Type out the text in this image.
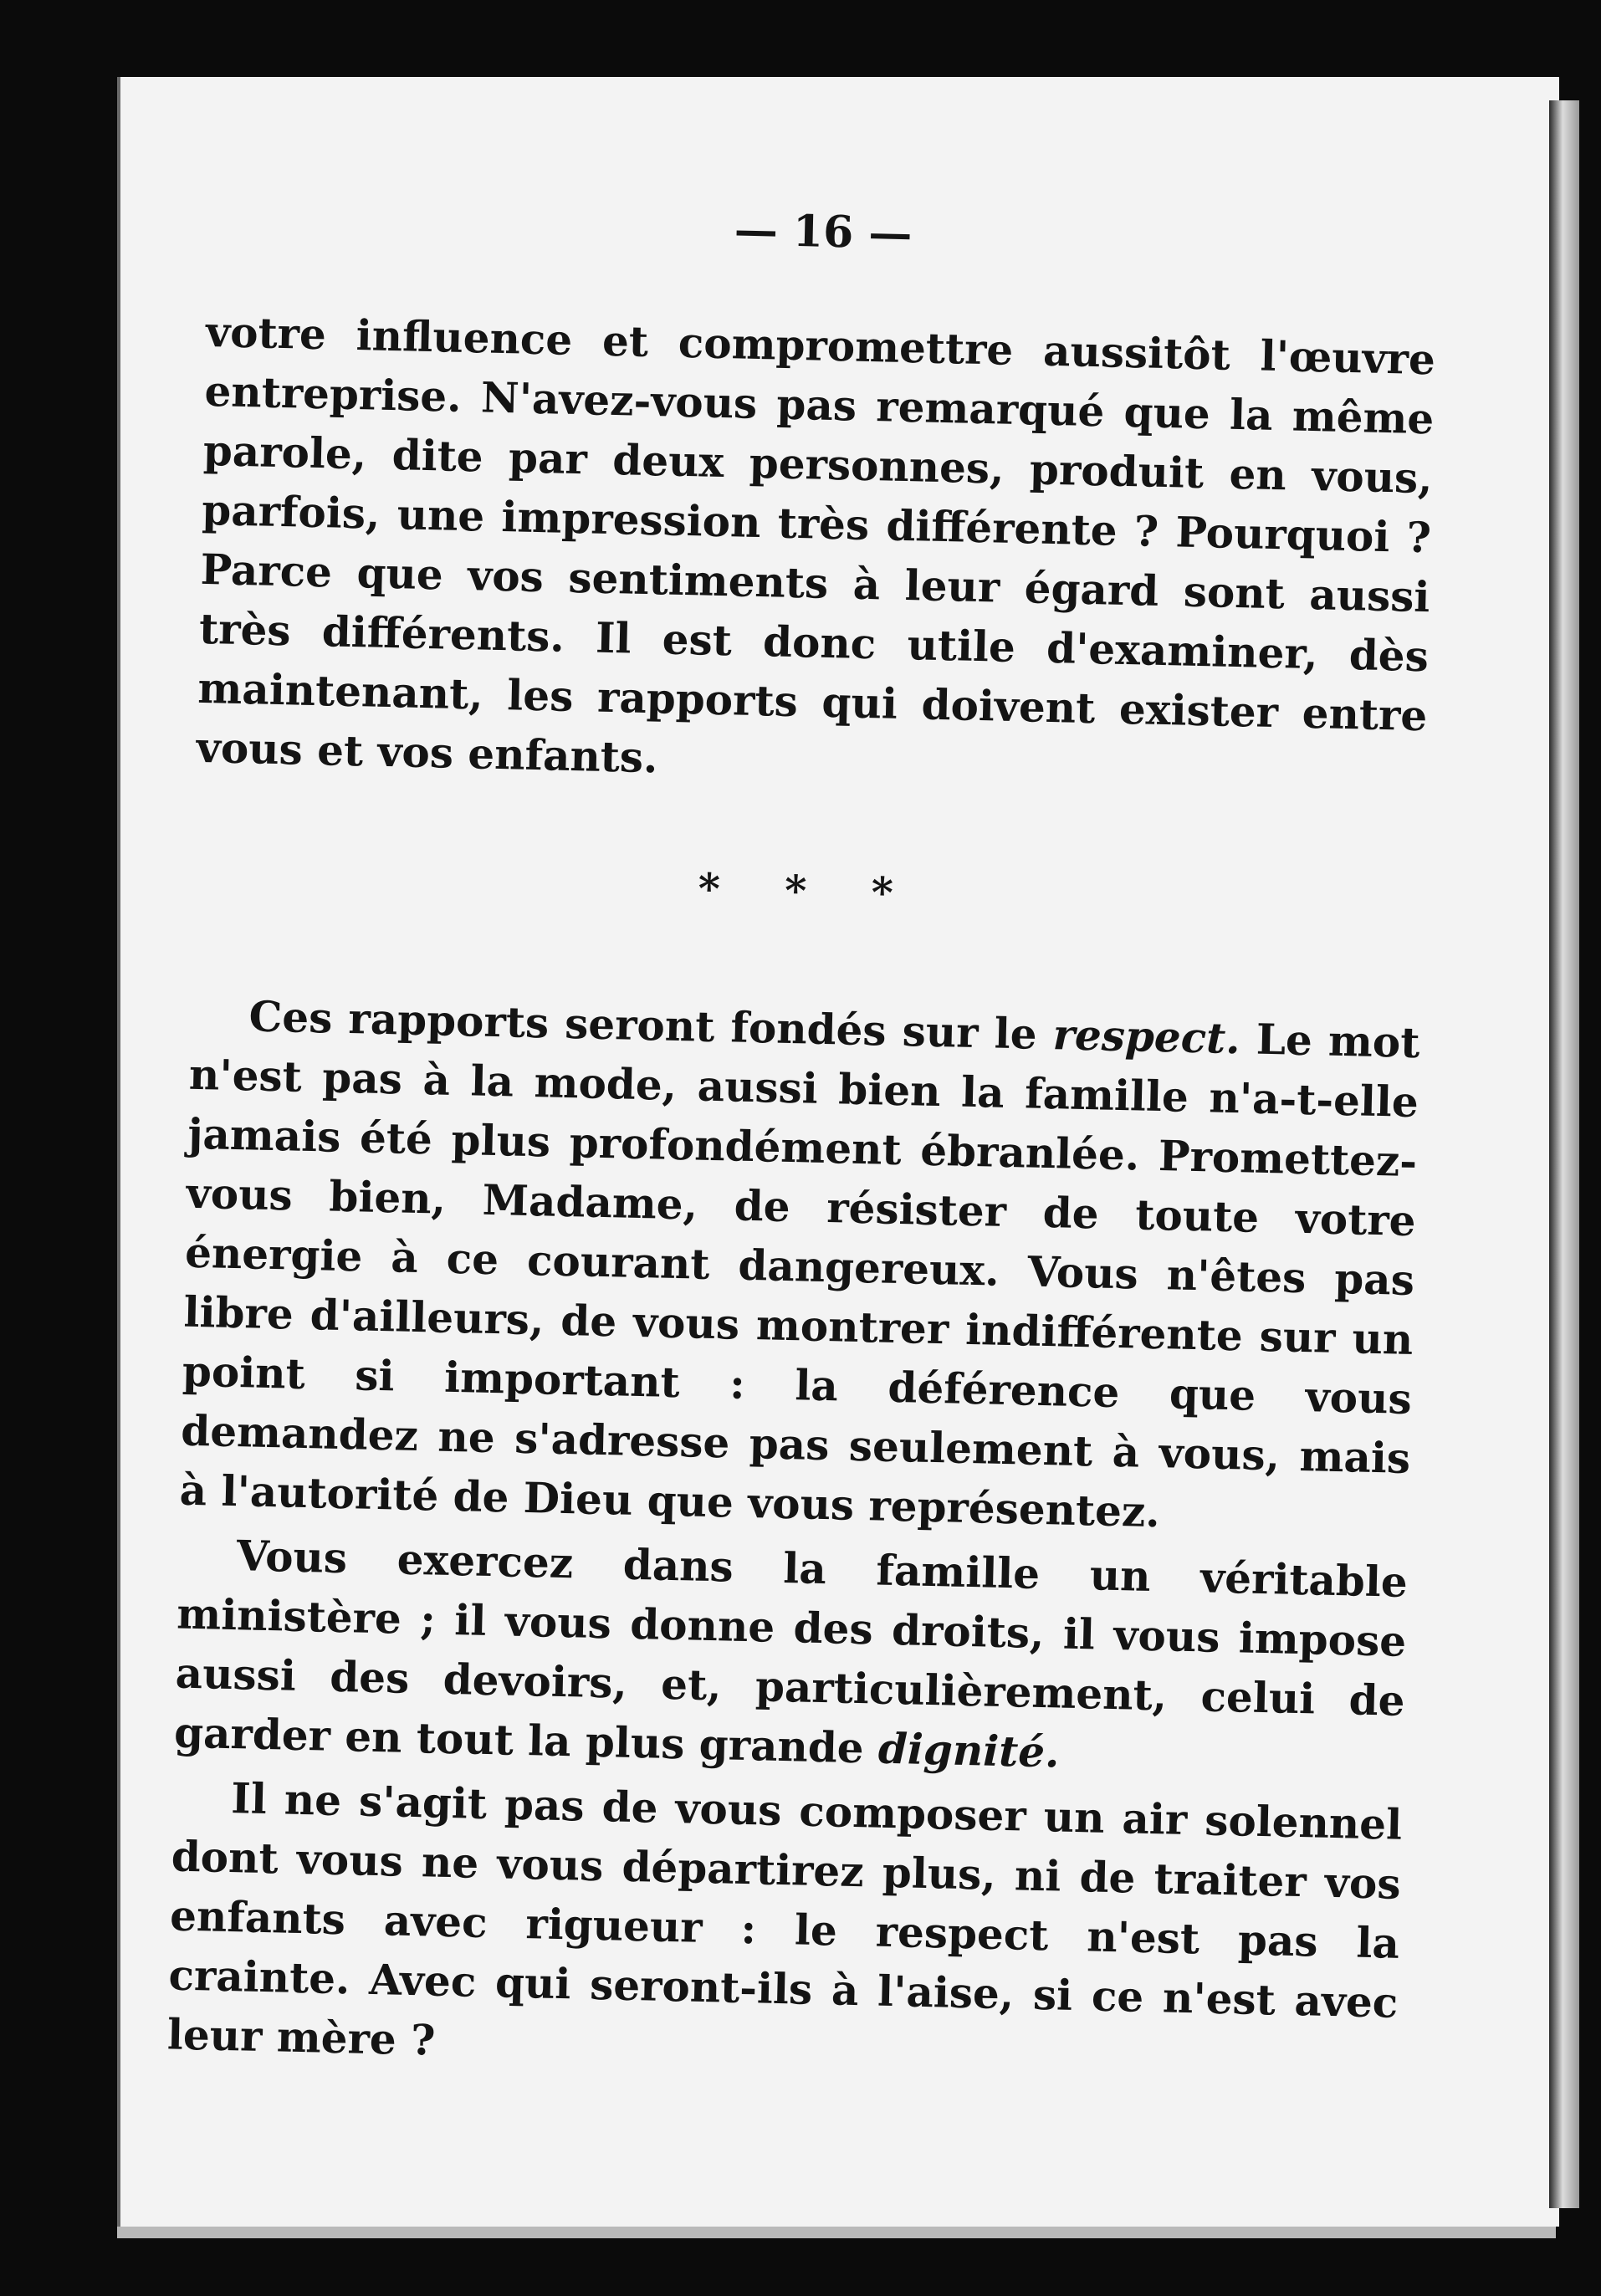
— 16 —

votre influence et compromettre aussitôt l'œuvre entreprise. N'avez-vous pas remarqué que la même parole, dite par deux personnes, produit en vous, parfois, une impression très différente ? Pourquoi ? Parce que vos sentiments à leur égard sont aussi très différents. Il est donc utile d'examiner, dès maintenant, les rapports qui doivent exister entre vous et vos enfants.

* * *

Ces rapports seront fondés sur le respect. Le mot n'est pas à la mode, aussi bien la famille n'a-t-elle jamais été plus profondément ébranlée. Promettez-vous bien, Madame, de résister de toute votre énergie à ce courant dangereux. Vous n'êtes pas libre d'ailleurs, de vous montrer indifférente sur un point si important : la déférence que vous demandez ne s'adresse pas seulement à vous, mais à l'autorité de Dieu que vous représentez.

Vous exercez dans la famille un véritable ministère ; il vous donne des droits, il vous impose aussi des devoirs, et, particulièrement, celui de garder en tout la plus grande dignité.

Il ne s'agit pas de vous composer un air solennel dont vous ne vous départirez plus, ni de traiter vos enfants avec rigueur : le respect n'est pas la crainte. Avec qui seront-ils à l'aise, si ce n'est avec leur mère ?
